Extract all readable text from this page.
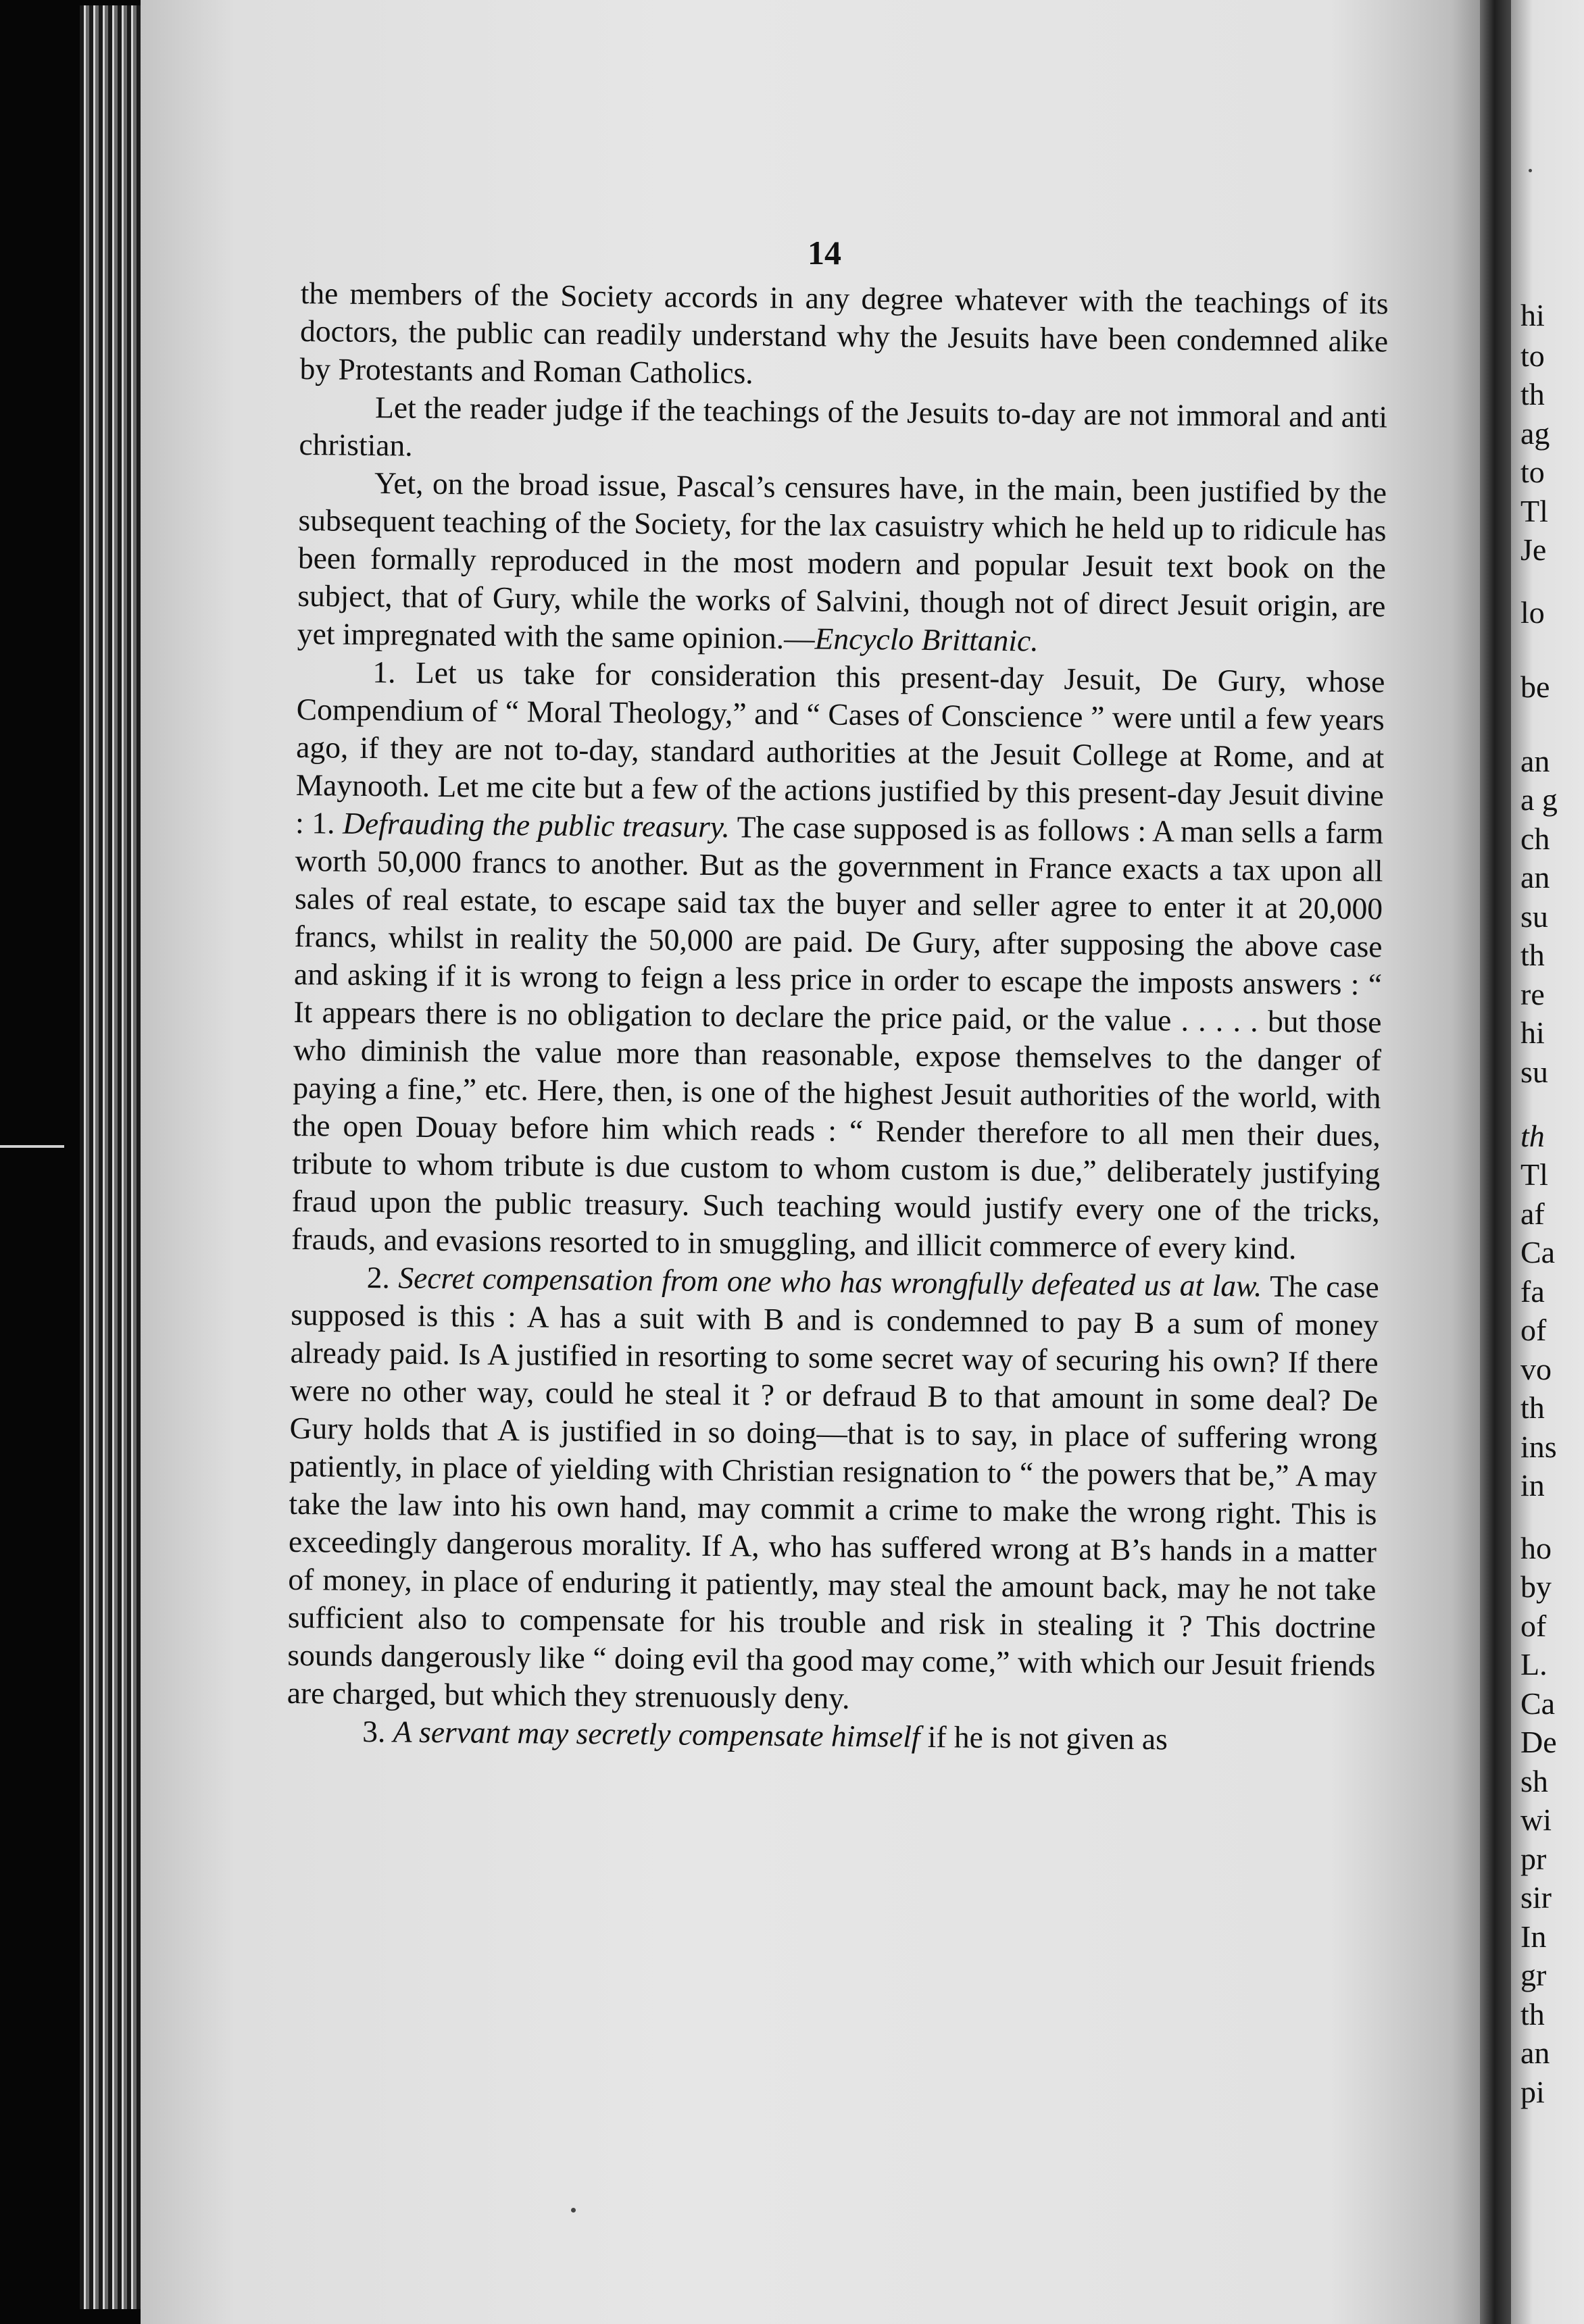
hi
to
th
ag
to
Tl
Je
lo
be
an
a g
ch
an
su
th
re
hi
su
th
Tl
af
Ca
fa
of
vo
th
ins
in
ho
by
of
L.
Ca
De
sh
wi
pr
sir
In
gr
th
an
pi
14

the members of the Society accords in any degree whatever with the teachings of its doctors, the public can readily understand why the Jesuits have been condemned alike by Protestants and Roman Catholics.

Let the reader judge if the teachings of the Jesuits to-day are not immoral and anti christian.

Yet, on the broad issue, Pascal’s censures have, in the main, been justified by the subsequent teaching of the Society, for the lax casuistry which he held up to ridicule has been formally reproduced in the most modern and popular Jesuit text book on the subject, that of Gury, while the works of Salvini, though not of direct Jesuit origin, are yet impregnated with the same opinion.—Encyclo Brittanic.

1. Let us take for consideration this present-day Jesuit, De Gury, whose Compendium of “ Moral Theology,” and “ Cases of Conscience ” were until a few years ago, if they are not to-day, standard authorities at the Jesuit College at Rome, and at Maynooth. Let me cite but a few of the actions justified by this present-day Jesuit divine : 1. Defrauding the public treasury. The case supposed is as follows : A man sells a farm worth 50,000 francs to another. But as the government in France exacts a tax upon all sales of real estate, to escape said tax the buyer and seller agree to enter it at 20,000 francs, whilst in reality the 50,000 are paid. De Gury, after supposing the above case and asking if it is wrong to feign a less price in order to escape the imposts answers : “ It appears there is no obligation to declare the price paid, or the value . . . . . but those who diminish the value more than reasonable, expose themselves to the danger of paying a fine,” etc. Here, then, is one of the highest Jesuit authorities of the world, with the open Douay before him which reads : “ Render therefore to all men their dues, tribute to whom tribute is due custom to whom custom is due,” deliberately justifying fraud upon the public treasury. Such teaching would justify every one of the tricks, frauds, and evasions resorted to in smuggling, and illicit commerce of every kind.

2. Secret compensation from one who has wrongfully defeated us at law. The case supposed is this : A has a suit with B and is condemned to pay B a sum of money already paid. Is A justified in resorting to some secret way of securing his own? If there were no other way, could he steal it ? or defraud B to that amount in some deal? De Gury holds that A is justified in so doing—that is to say, in place of suffering wrong patiently, in place of yielding with Christian resignation to “ the powers that be,” A may take the law into his own hand, may commit a crime to make the wrong right. This is exceedingly dangerous morality. If A, who has suffered wrong at B’s hands in a matter of money, in place of enduring it patiently, may steal the amount back, may he not take sufficient also to compensate for his trouble and risk in stealing it ? This doctrine sounds dangerously like “ doing evil tha good may come,” with which our Jesuit friends are charged, but which they strenuously deny.

3. A servant may secretly compensate himself if he is not given as
